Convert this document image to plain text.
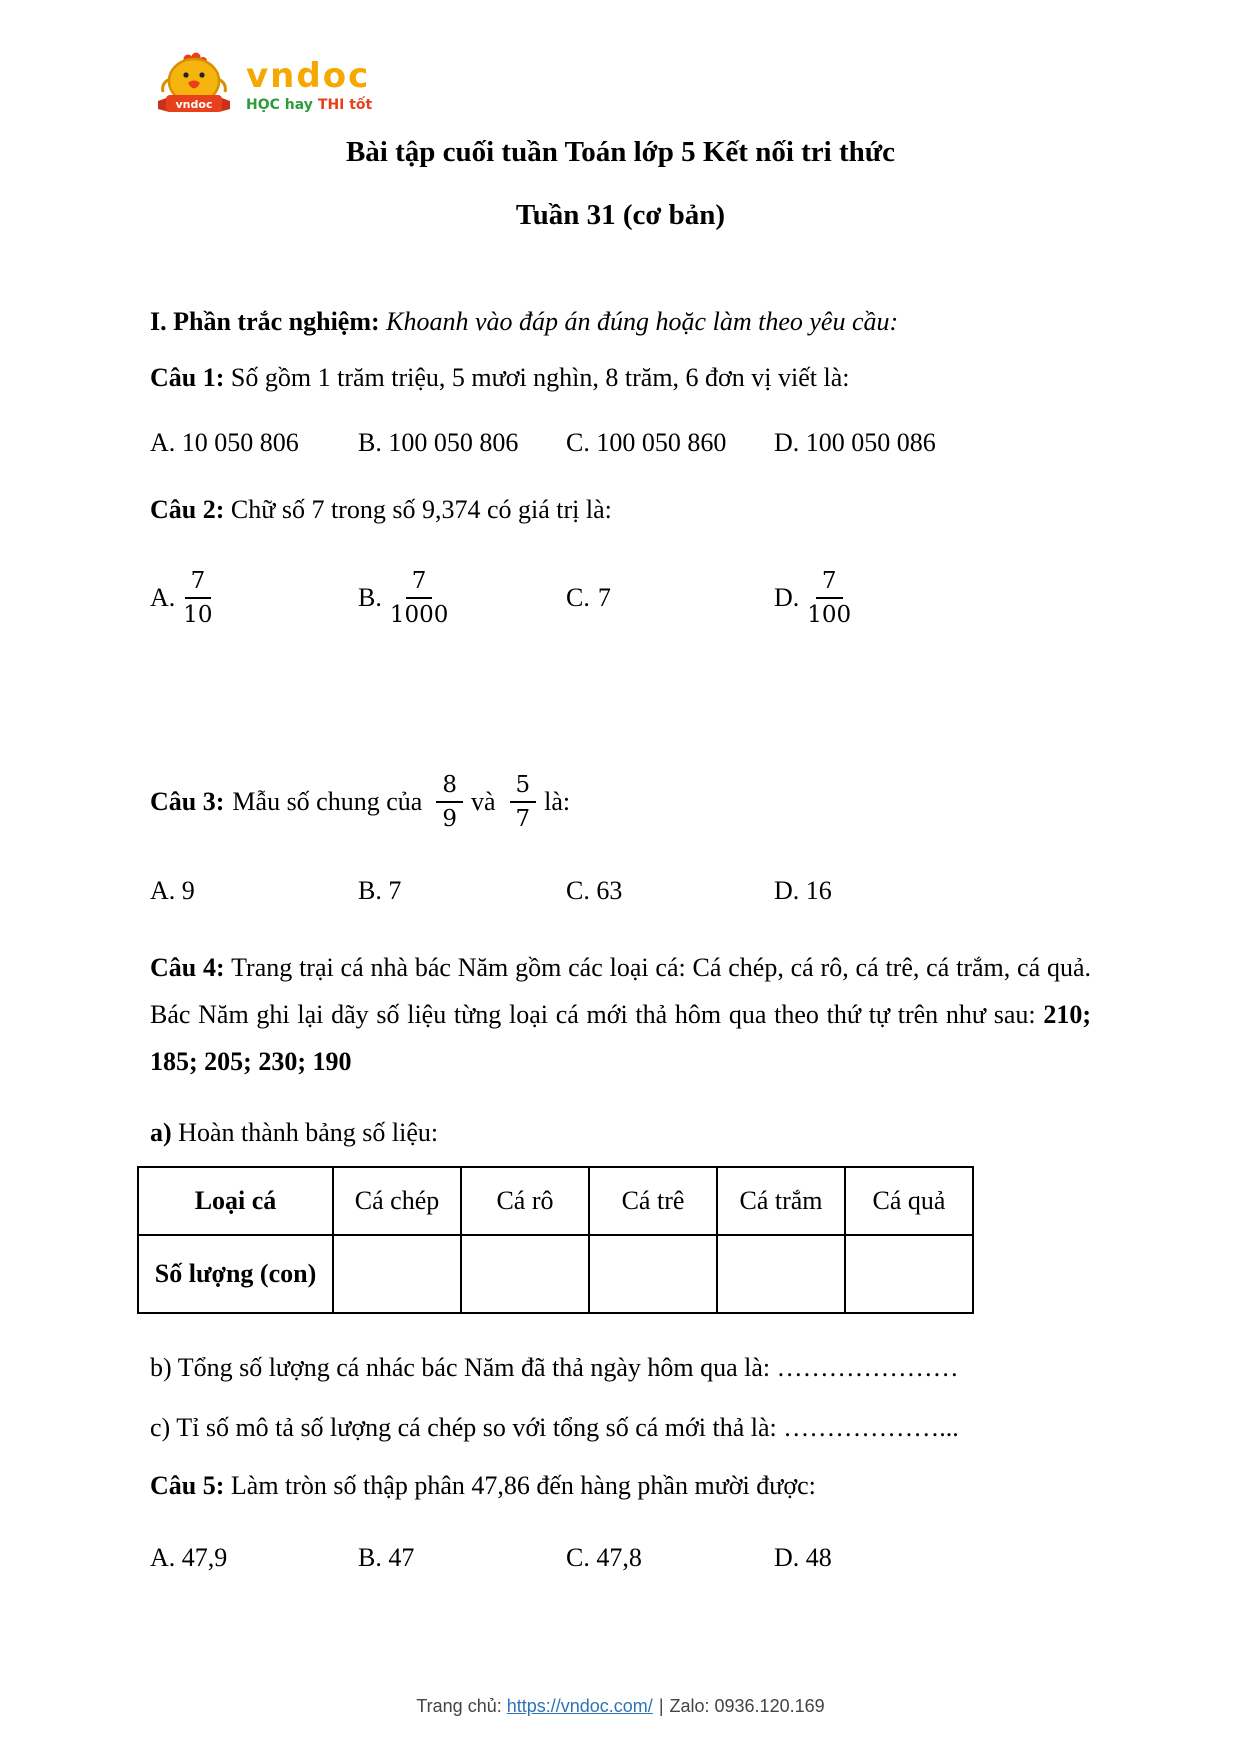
vndoc
vndoc
HỌC hay THI tốt
Bài tập cuối tuần Toán lớp 5 Kết nối tri thức
Tuần 31 (cơ bản)
I. Phần trắc nghiệm: Khoanh vào đáp án đúng hoặc làm theo yêu cầu:
Câu 1: Số gồm 1 trăm triệu, 5 mươi nghìn, 8 trăm, 6 đơn vị viết là:
A. 10 050 806	B. 100 050 806	C. 100 050 860	D. 100 050 086
Câu 2: Chữ số 7 trong số 9,374 có giá trị là:
A. $\frac{7}{10}$	B. $\frac{7}{1000}$	C. 7	D. $\frac{7}{100}$
Câu 3: Mẫu số chung của $\frac{8}{9}$ và $\frac{5}{7}$ là:
A. 9	B. 7	C. 63	D. 16
Câu 4: Trang trại cá nhà bác Năm gồm các loại cá: Cá chép, cá rô, cá trê, cá trắm, cá quả. Bác Năm ghi lại dãy số liệu từng loại cá mới thả hôm qua theo thứ tự trên như sau: 210; 185; 205; 230; 190
a) Hoàn thành bảng số liệu:
Loại cá	Cá chép	Cá rô	Cá trê	Cá trắm	Cá quả
Số lượng (con)					
b) Tổng số lượng cá nhác bác Năm đã thả ngày hôm qua là: …………………
c) Tỉ số mô tả số lượng cá chép so với tổng số cá mới thả là: ………………...
Câu 5: Làm tròn số thập phân 47,86 đến hàng phần mười được:
A. 47,9	B. 47	C. 47,8	D. 48
Trang chủ: https://vndoc.com/ | Zalo: 0936.120.169
